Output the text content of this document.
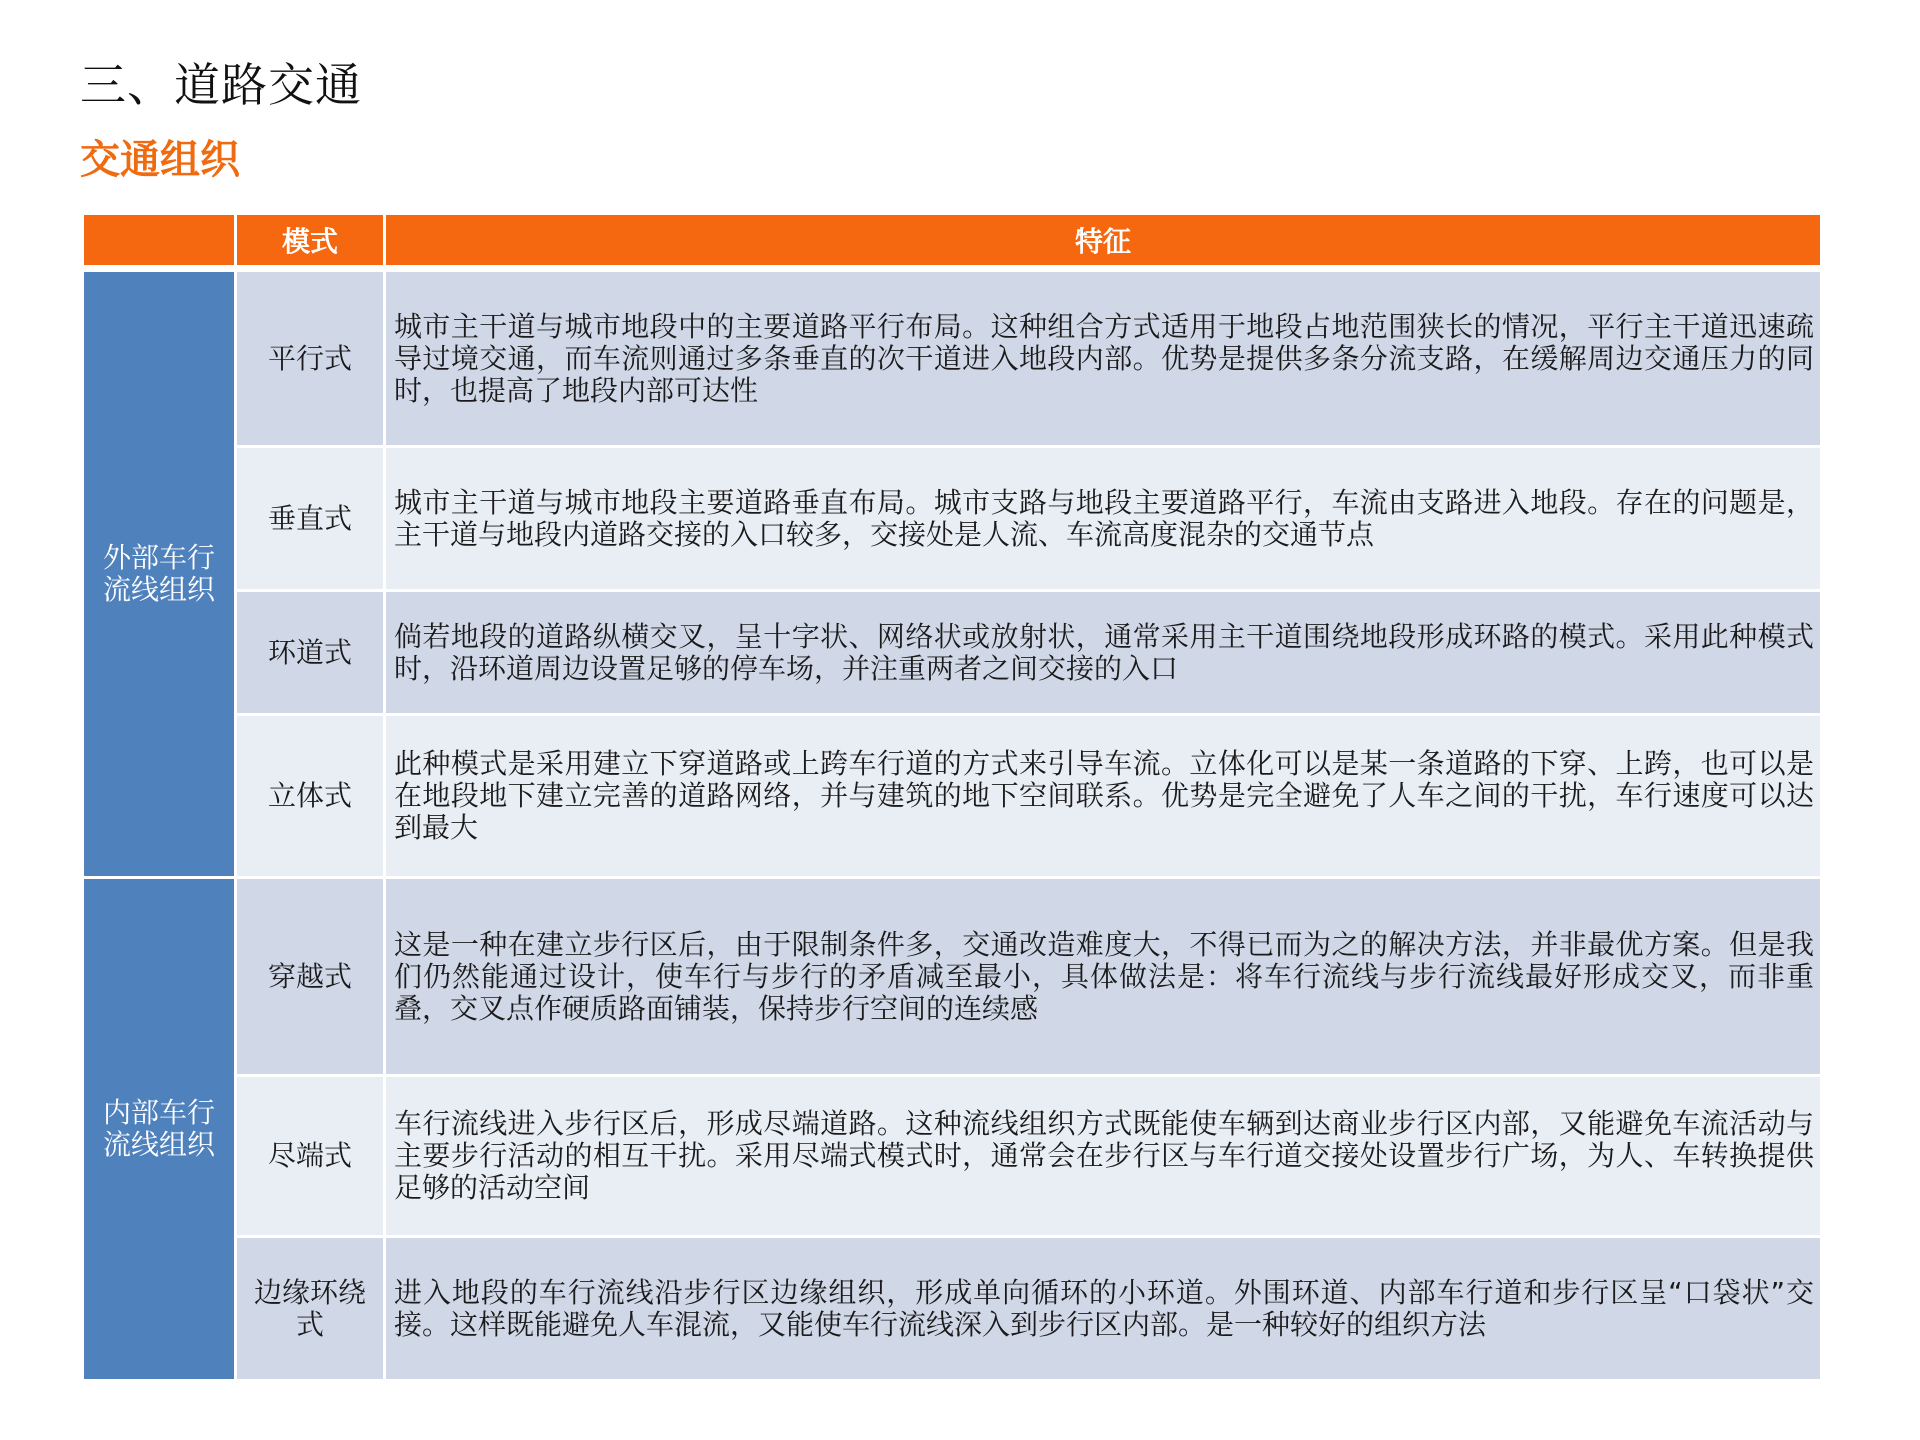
三、道路交通
交通组织
	模式	特征
外部车行流线组织	平行式	城市主干道与城市地段中的主要道路平行布局。这种组合方式适用于地段占地范围狭长的情况，平行主干道迅速疏导过境交通，而车流则通过多条垂直的次干道进入地段内部。优势是提供多条分流支路，在缓解周边交通压力的同时，也提高了地段内部可达性
	垂直式	城市主干道与城市地段主要道路垂直布局。城市支路与地段主要道路平行，车流由支路进入地段。存在的问题是，主干道与地段内道路交接的入口较多，交接处是人流、车流高度混杂的交通节点
	环道式	倘若地段的道路纵横交叉，呈十字状、网络状或放射状，通常采用主干道围绕地段形成环路的模式。采用此种模式时，沿环道周边设置足够的停车场，并注重两者之间交接的入口
	立体式	此种模式是采用建立下穿道路或上跨车行道的方式来引导车流。立体化可以是某一条道路的下穿、上跨，也可以是在地段地下建立完善的道路网络，并与建筑的地下空间联系。优势是完全避免了人车之间的干扰，车行速度可以达到最大
内部车行流线组织	穿越式	这是一种在建立步行区后，由于限制条件多，交通改造难度大，不得已而为之的解决方法，并非最优方案。但是我们仍然能通过设计，使车行与步行的矛盾减至最小，具体做法是：将车行流线与步行流线最好形成交叉，而非重叠，交叉点作硬质路面铺装，保持步行空间的连续感
	尽端式	车行流线进入步行区后，形成尽端道路。这种流线组织方式既能使车辆到达商业步行区内部，又能避免车流活动与主要步行活动的相互干扰。采用尽端式模式时，通常会在步行区与车行道交接处设置步行广场，为人、车转换提供足够的活动空间
	边缘环绕式	进入地段的车行流线沿步行区边缘组织，形成单向循环的小环道。外围环道、内部车行道和步行区呈“口袋状”交接。这样既能避免人车混流，又能使车行流线深入到步行区内部。是一种较好的组织方法
